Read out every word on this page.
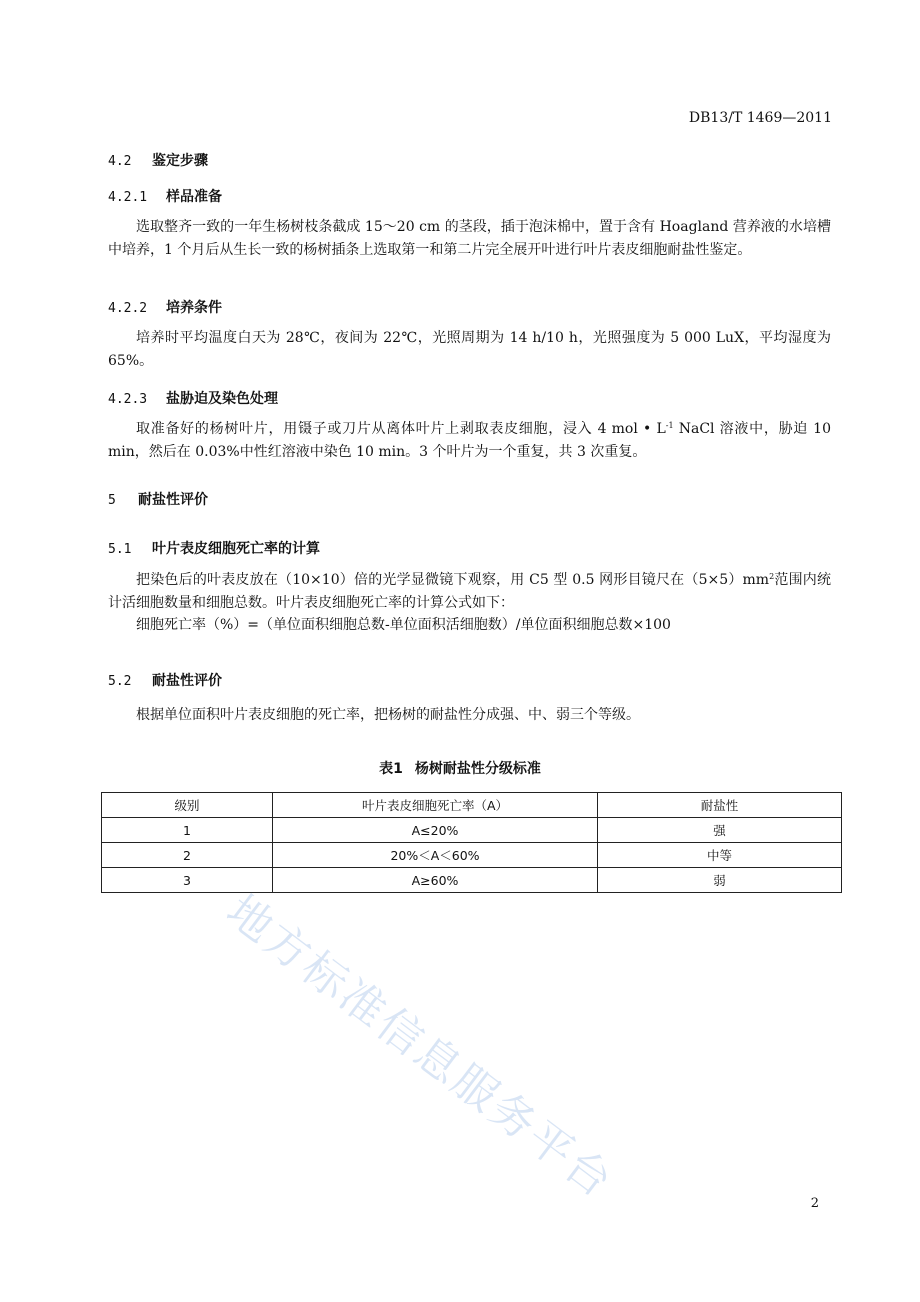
DB13/T 1469—2011
4.2 鉴定步骤
4.2.1 样品准备

选取整齐一致的一年生杨树枝条截成 15～20 cm 的茎段，插于泡沫棉中，置于含有 Hoagland 营养液的水培槽中培养，1 个月后从生长一致的杨树插条上选取第一和第二片完全展开叶进行叶片表皮细胞耐盐性鉴定。

4.2.2 培养条件

培养时平均温度白天为 28℃，夜间为 22℃，光照周期为 14 h/10 h，光照强度为 5 000 LuX，平均湿度为 65%。

4.2.3 盐胁迫及染色处理

取准备好的杨树叶片，用镊子或刀片从离体叶片上剥取表皮细胞，浸入 4 mol • $L^{-1}$ NaCl 溶液中，胁迫 10 min，然后在 0.03%中性红溶液中染色 10 min。3 个叶片为一个重复，共 3 次重复。

5 耐盐性评价
5.1 叶片表皮细胞死亡率的计算

把染色后的叶表皮放在（10×10）倍的光学显微镜下观察，用 C5 型 0.5 网形目镜尺在$(5\times 5)mm^2$范围内统计活细胞数量和细胞总数。叶片表皮细胞死亡率的计算公式如下：

细胞死亡率（%）=（单位面积细胞总数-单位面积活细胞数）/单位面积细胞总数×100

5.2 耐盐性评价

根据单位面积叶片表皮细胞的死亡率，把杨树的耐盐性分成强、中、弱三个等级。

表1 杨树耐盐性分级标准
级别	叶片表皮细胞死亡率（A）	耐盐性
1	A≤20%	强
2	20%＜A＜60%	中等
3	A≥60%	弱
地方标准信息服务平台	2
